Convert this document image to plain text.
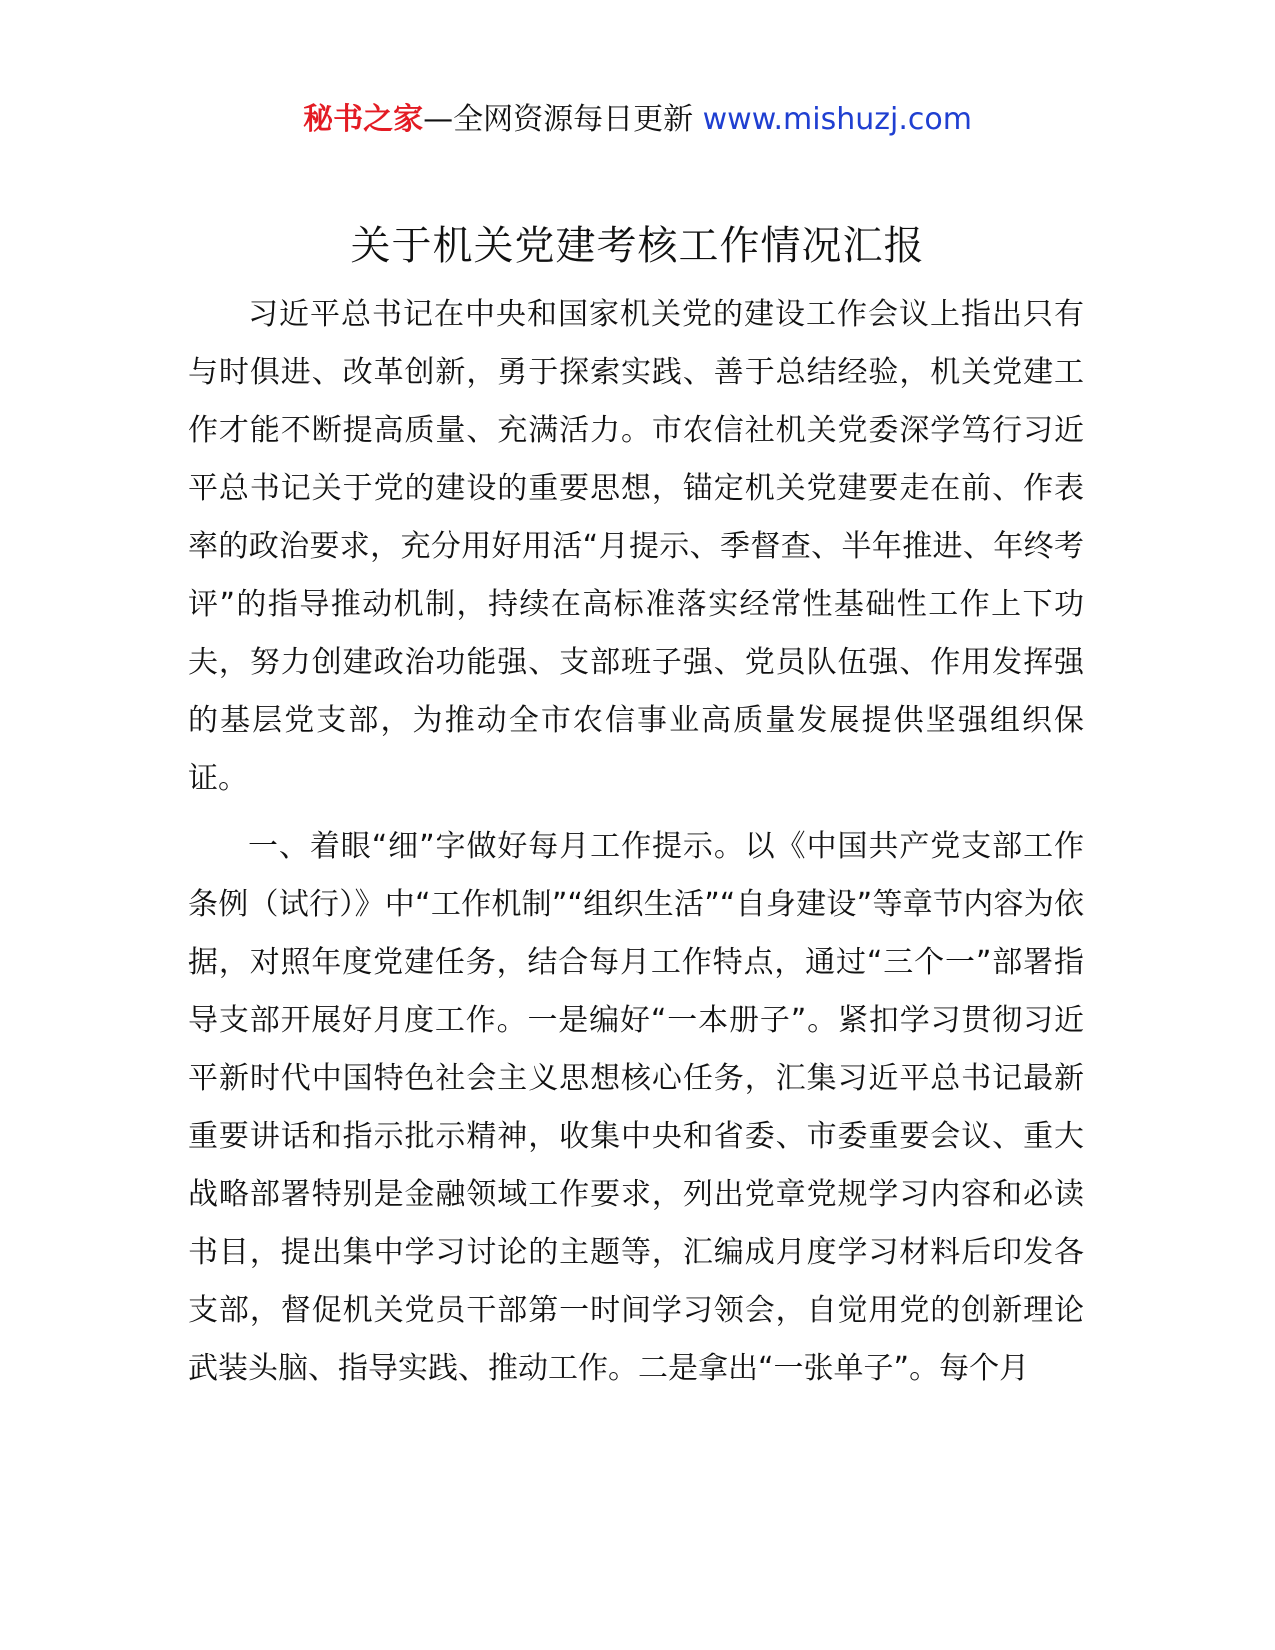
秘书之家—全网资源每日更新 www.mishuzj.com
关于机关党建考核工作情况汇报

习近平总书记在中央和国家机关党的建设工作会议上指出只有与时俱进、改革创新，勇于探索实践、善于总结经验，机关党建工作才能不断提高质量、充满活力。市农信社机关党委深学笃行习近平总书记关于党的建设的重要思想，锚定机关党建要走在前、作表率的政治要求，充分用好用活“月提示、季督查、半年推进、年终考评”的指导推动机制，持续在高标准落实经常性基础性工作上下功夫，努力创建政治功能强、支部班子强、党员队伍强、作用发挥强的基层党支部，为推动全市农信事业高质量发展提供坚强组织保证。

一、着眼“细”字做好每月工作提示。以《中国共产党支部工作条例（试行）》中“工作机制”“组织生活”“自身建设”等章节内容为依据，对照年度党建任务，结合每月工作特点，通过“三个一”部署指导支部开展好月度工作。一是编好“一本册子”。紧扣学习贯彻习近平新时代中国特色社会主义思想核心任务，汇集习近平总书记最新重要讲话和指示批示精神，收集中央和省委、市委重要会议、重大战略部署特别是金融领域工作要求，列出党章党规学习内容和必读书目，提出集中学习讨论的主题等，汇编成月度学习材料后印发各支部，督促机关党员干部第一时间学习领会，自觉用党的创新理论武装头脑、指导实践、推动工作。二是拿出“一张单子”。每个月
